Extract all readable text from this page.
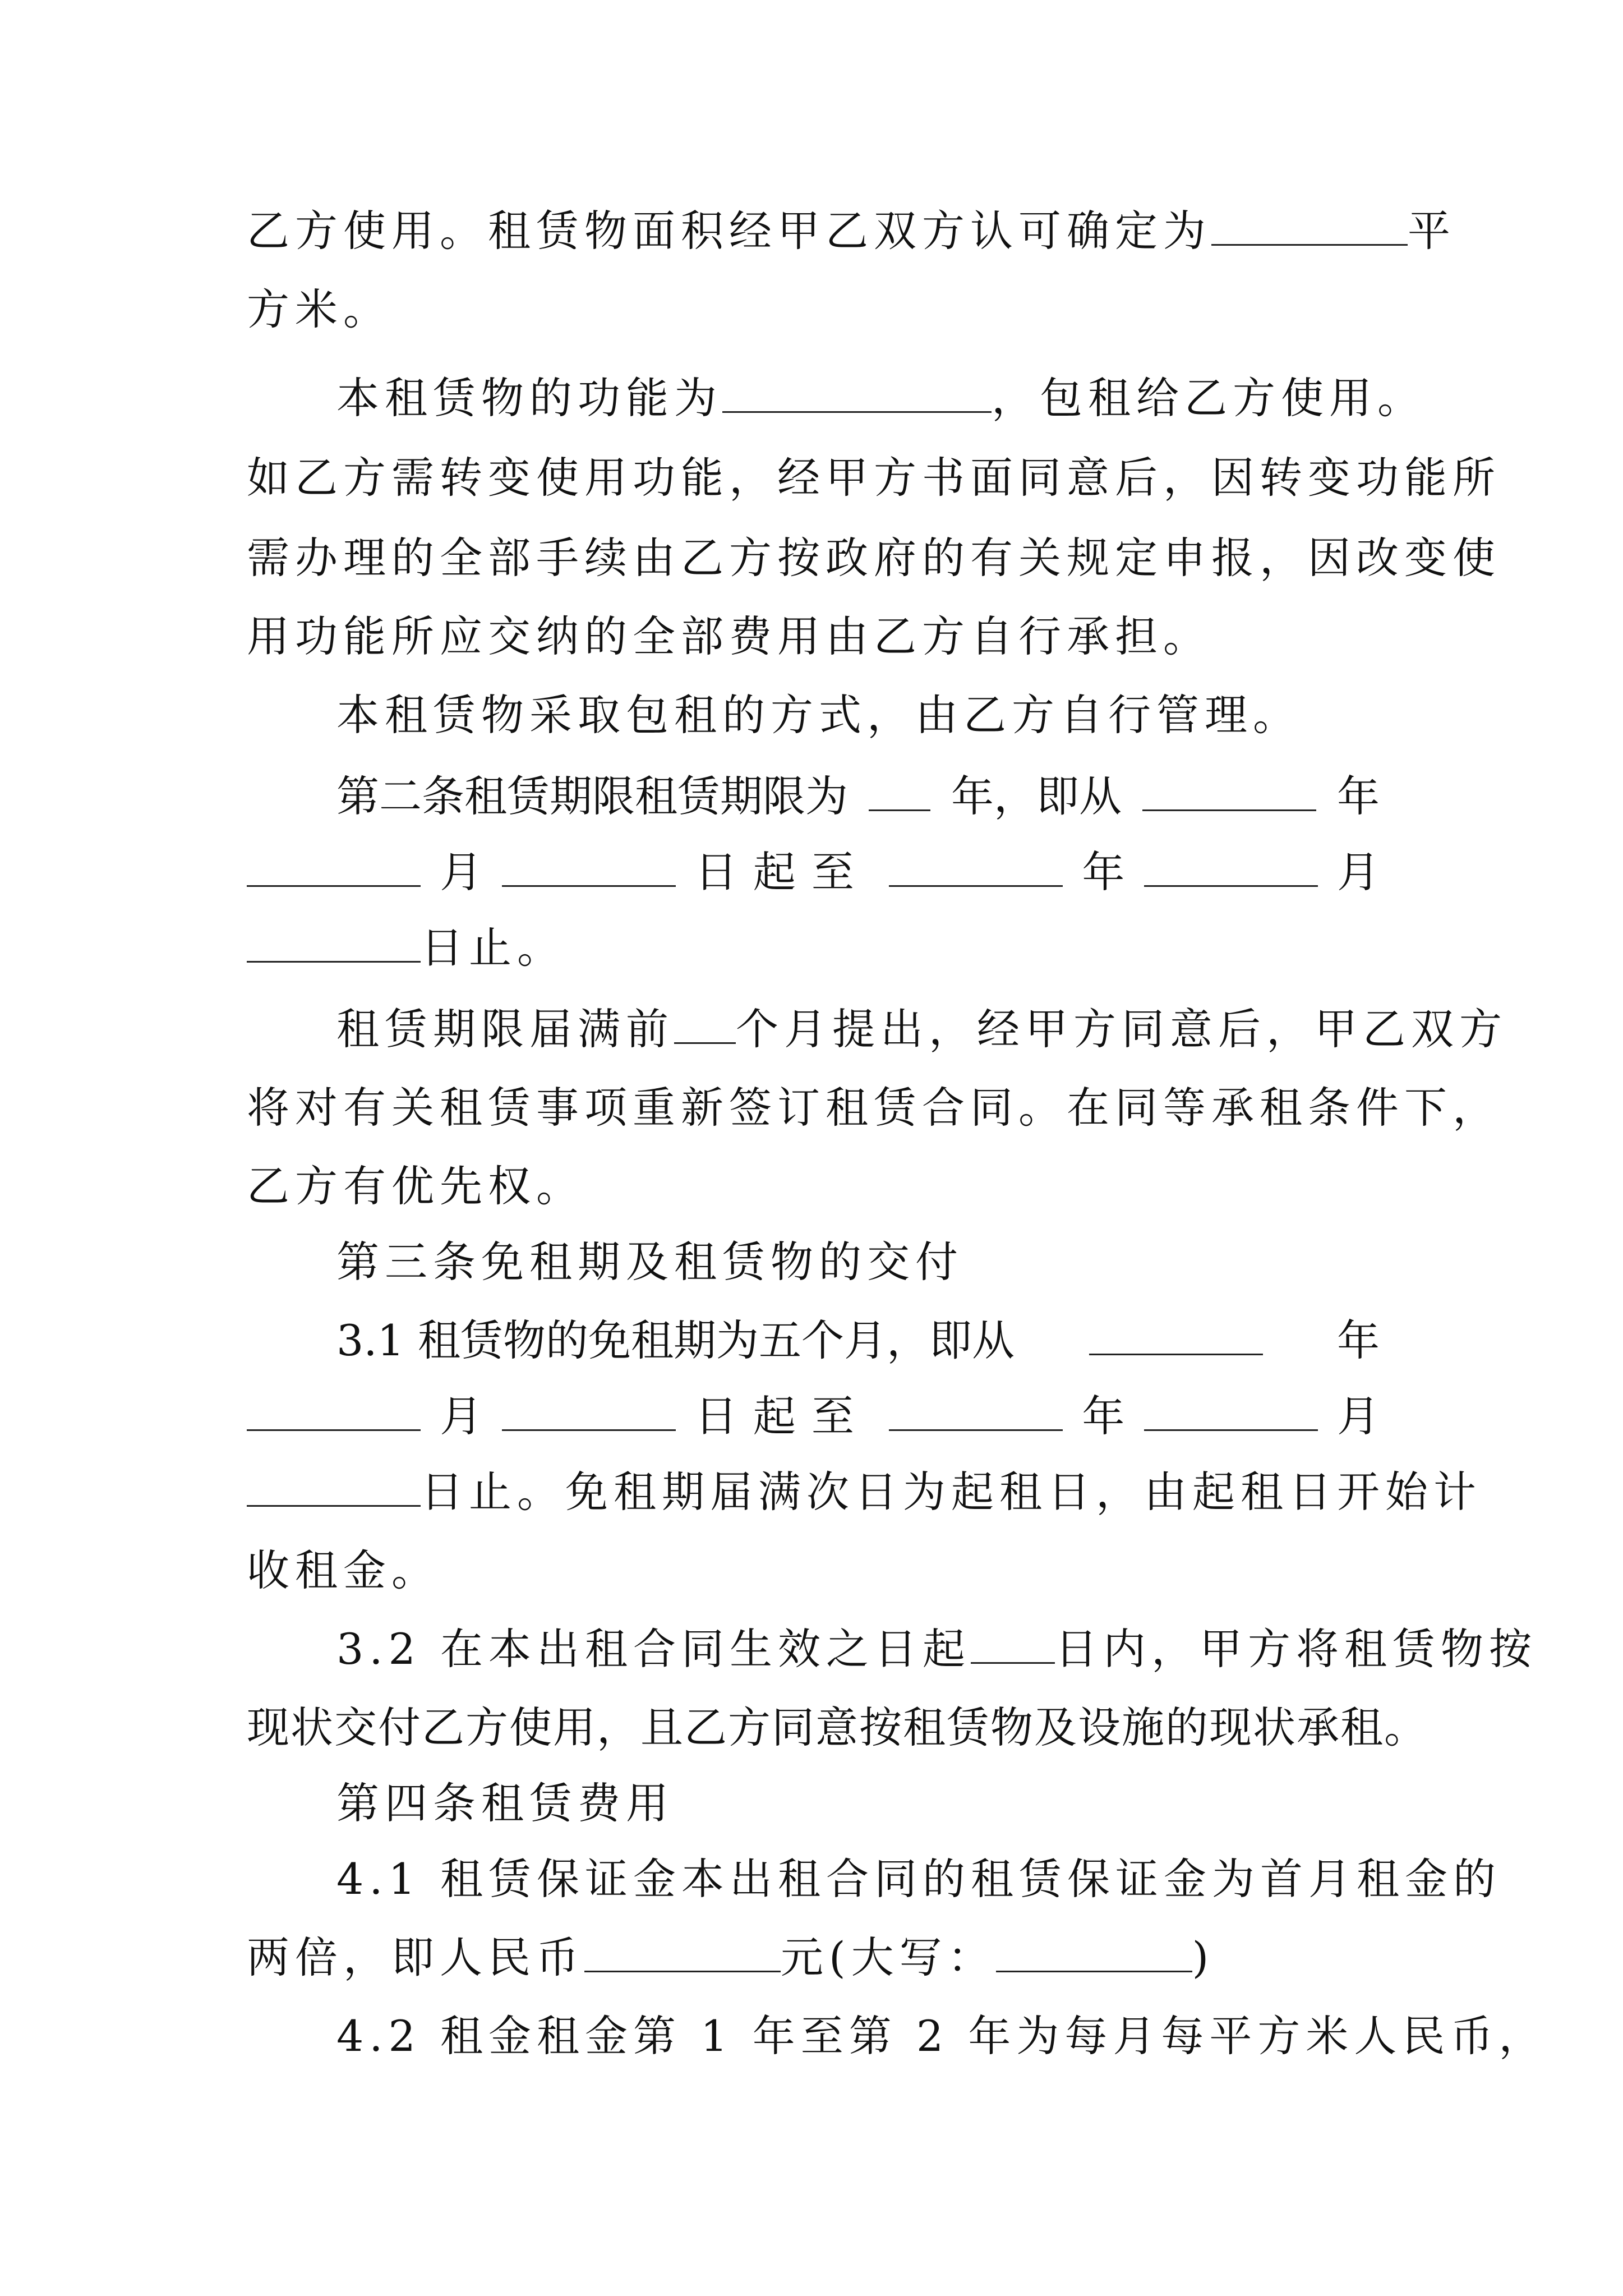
乙方使用。租赁物面积经甲乙双方认可确定为	平
方米。
本租赁物的功能为	，包租给乙方使用。
如乙方需转变使用功能，经甲方书面同意后，因转变功能所
需办理的全部手续由乙方按政府的有关规定申报，因改变使
用功能所应交纳的全部费用由乙方自行承担。
本租赁物采取包租的方式，由乙方自行管理。
第二条租赁期限租赁期限为 年，即从	年
月	日起至	年	月
日止。
租赁期限届满前 个月提出，经甲方同意后，甲乙双方
将对有关租赁事项重新签订租赁合同。在同等承租条件下，
乙方有优先权。
第三条免租期及租赁物的交付
3.1 租赁物的免租期为五个月，即从	年
月	日起至	年	月
日止。免租期届满次日为起租日，由起租日开始计
收租金。
3.2 在本出租合同生效之日起 日内，甲方将租赁物按
现状交付乙方使用，且乙方同意按租赁物及设施的现状承租。
第四条租赁费用
4.1 租赁保证金本出租合同的租赁保证金为首月租金的
两倍，即人民币	元(大写：	)
4.2 租金租金第 1 年至第 2 年为每月每平方米人民币，
